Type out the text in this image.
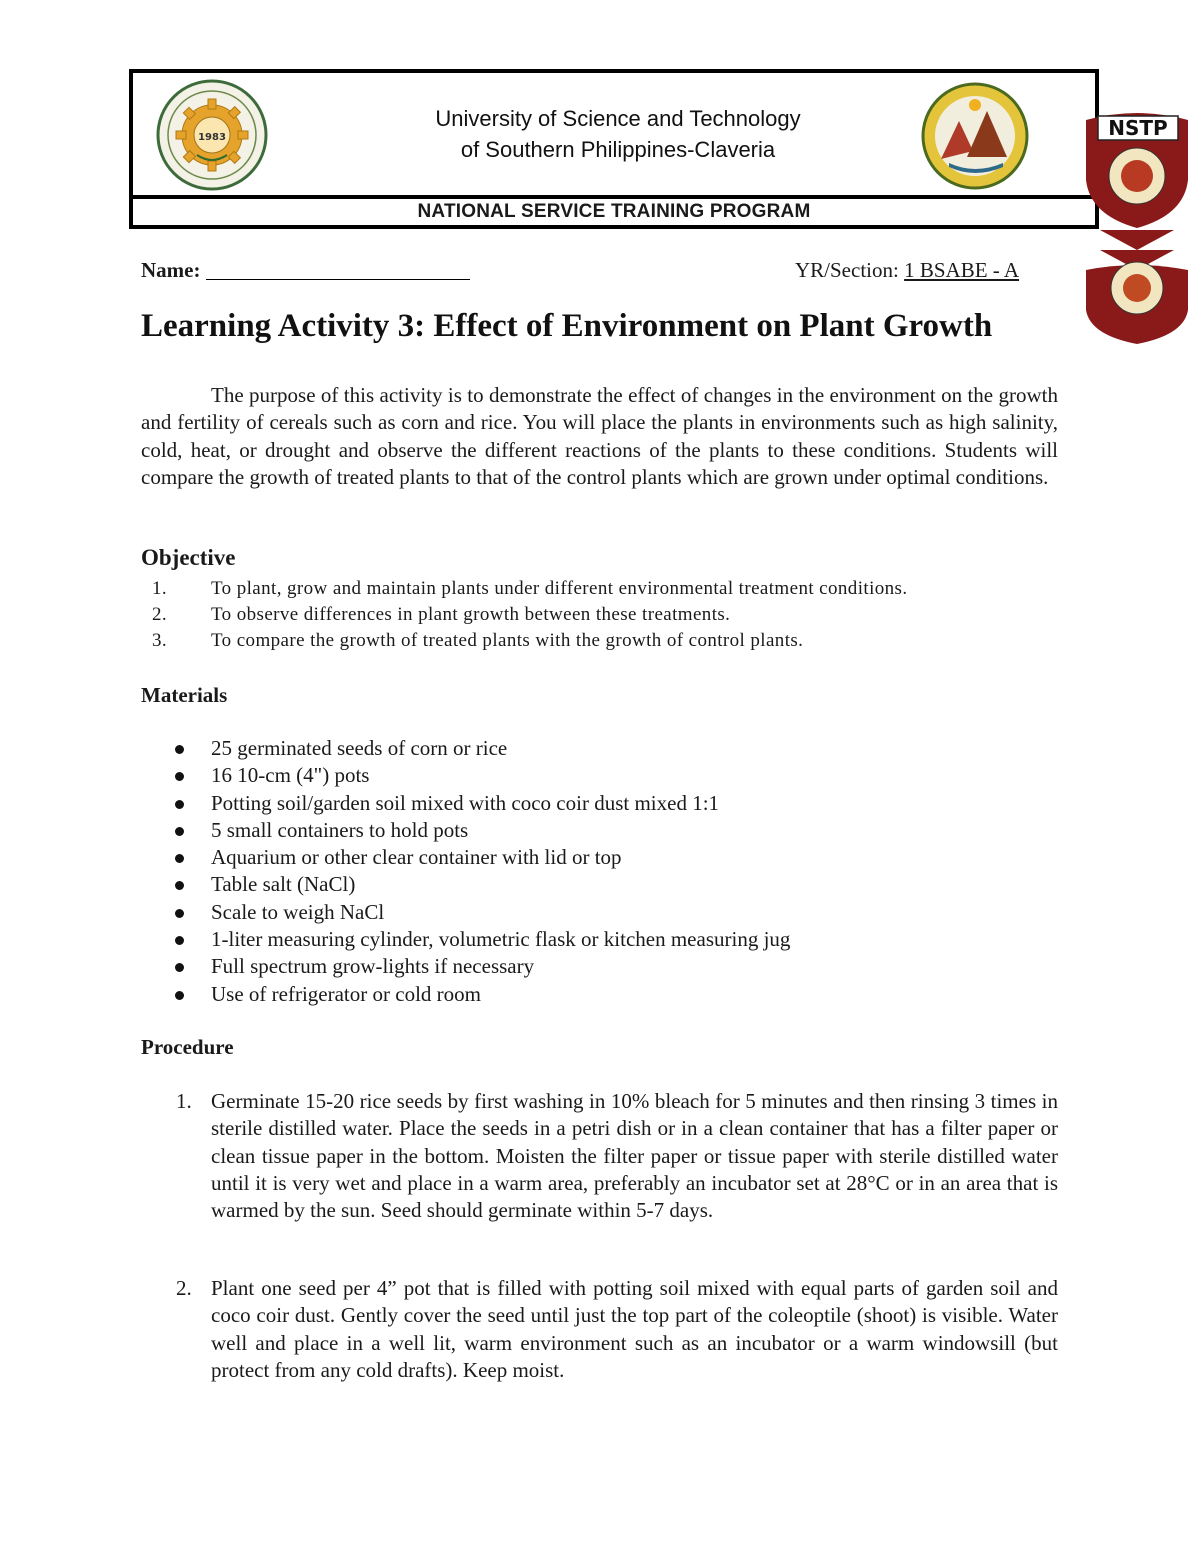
1983
University of Science and Technology
of Southern Philippines-Claveria
NATIONAL SERVICE TRAINING PROGRAM
NSTP
Name:	YR/Section: 1 BSABE - A
Learning Activity 3: Effect of Environment on Plant Growth
The purpose of this activity is to demonstrate the effect of changes in the environment on the growth and fertility of cereals such as corn and rice. You will place the plants in environments such as high salinity, cold, heat, or drought and observe the different reactions of the plants to these conditions. Students will compare the growth of treated plants to that of the control plants which are grown under optimal conditions.
Objective
1. To plant, grow and maintain plants under different environmental treatment conditions.
2. To observe differences in plant growth between these treatments.
3. To compare the growth of treated plants with the growth of control plants.
Materials
25 germinated seeds of corn or rice
16 10-cm (4") pots
Potting soil/garden soil mixed with coco coir dust mixed 1:1
5 small containers to hold pots
Aquarium or other clear container with lid or top
Table salt (NaCl)
Scale to weigh NaCl
1-liter measuring cylinder, volumetric flask or kitchen measuring jug
Full spectrum grow-lights if necessary
Use of refrigerator or cold room
Procedure
1. Germinate 15-20 rice seeds by first washing in 10% bleach for 5 minutes and then rinsing 3 times in sterile distilled water. Place the seeds in a petri dish or in a clean container that has a filter paper or clean tissue paper in the bottom. Moisten the filter paper or tissue paper with sterile distilled water until it is very wet and place in a warm area, preferably an incubator set at 28°C or in an area that is warmed by the sun. Seed should germinate within 5-7 days.
2. Plant one seed per 4” pot that is filled with potting soil mixed with equal parts of garden soil and coco coir dust. Gently cover the seed until just the top part of the coleoptile (shoot) is visible. Water well and place in a well lit, warm environment such as an incubator or a warm windowsill (but protect from any cold drafts). Keep moist.
